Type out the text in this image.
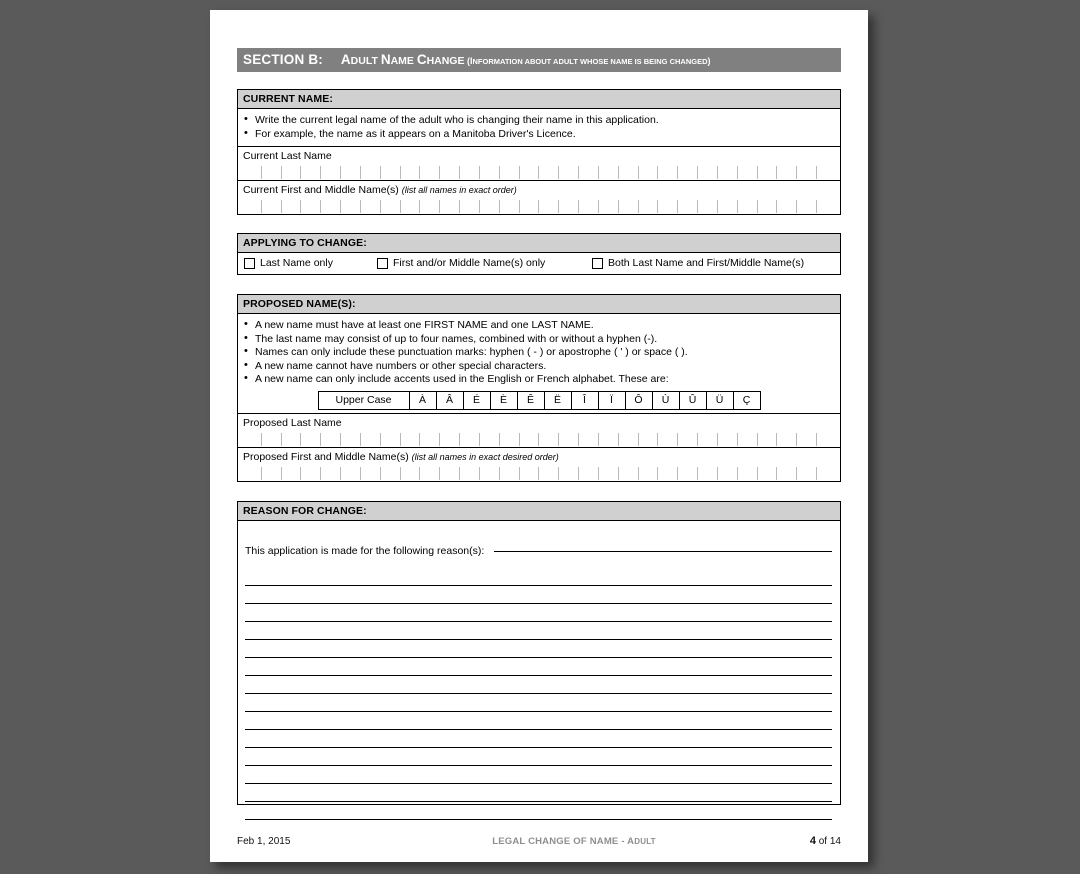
SECTION B: ADULT NAME CHANGE (INFORMATION ABOUT ADULT WHOSE NAME IS BEING CHANGED)
CURRENT NAME:
• Write the current legal name of the adult who is changing their name in this application.
• For example, the name as it appears on a Manitoba Driver's Licence.
Current Last Name
Current First and Middle Name(s) (list all names in exact order)
APPLYING TO CHANGE:
Last Name only	First and/or Middle Name(s) only	Both Last Name and First/Middle Name(s)
PROPOSED NAME(S):
• A new name must have at least one FIRST NAME and one LAST NAME.
• The last name may consist of up to four names, combined with or without a hyphen (-).
• Names can only include these punctuation marks: hyphen ( - ) or apostrophe ( ' ) or space ( ).
• A new name cannot have numbers or other special characters.
• A new name can only include accents used in the English or French alphabet. These are:
Upper Case	À	Â	É	È	Ê	Ë	Î	Ï	Ô	Ù	Û	Ü	Ç
Proposed Last Name
Proposed First and Middle Name(s) (list all names in exact desired order)
REASON FOR CHANGE:
This application is made for the following reason(s):
Feb 1, 2015	LEGAL CHANGE OF NAME - ADULT	4 of 14
